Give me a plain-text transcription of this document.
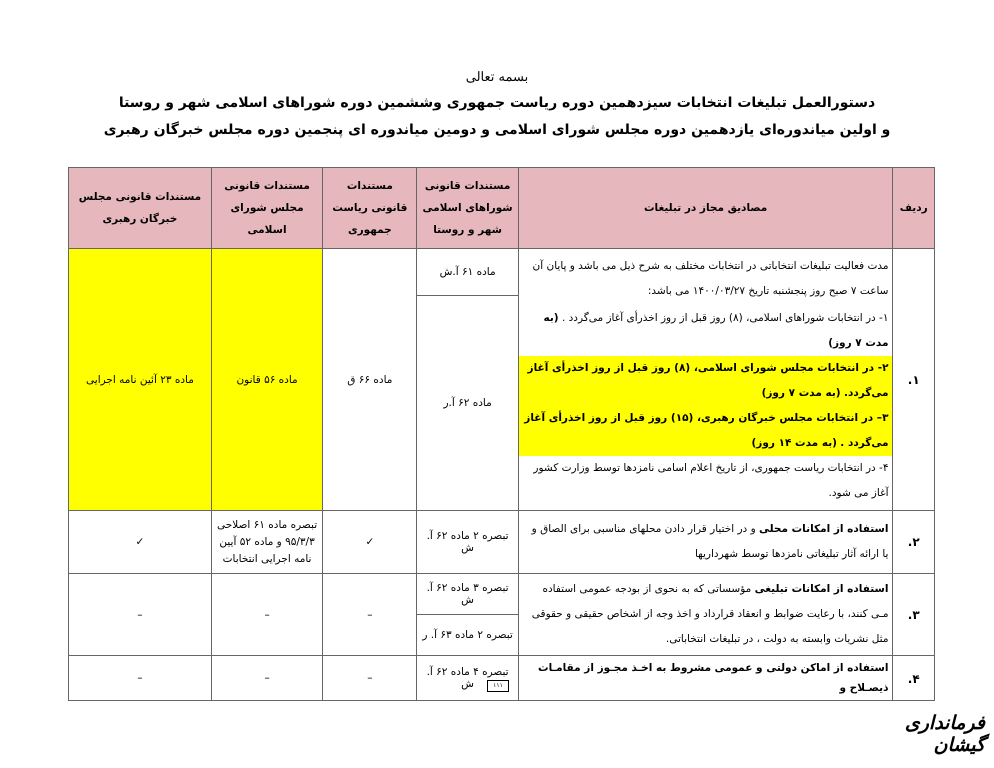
بسمه تعالی
دستورالعمل تبلیغات انتخابات سیزدهمین دوره ریاست جمهوری وششمین دوره شوراهای اسلامی شهر و روستا
و اولین میاندوره‌ای یازدهمین دوره مجلس شورای اسلامی و دومین میاندوره ای پنجمین دوره مجلس خبرگان رهبری
ردیف	مصادیق مجاز در تبلیغات	مستندات قانونی شوراهای اسلامی شهر و روستا	مستندات قانونی ریاست جمهوری	مستندات قانونی مجلس شورای اسلامی	مستندات قانونی مجلس خبرگان رهبری
۱.	مدت فعالیت تبلیغات انتخاباتی در انتخابات مختلف به شرح ذیل می باشد و پایان آن ساعت ۷ صبح روز پنجشنبه تاریخ ۱۴۰۰/۰۳/۲۷ می باشد:
۱- در انتخابات شوراهای اسلامی، (۸) روز قبل از روز اخذرأی آغاز می‌گردد . (به مدت ۷ روز)
۲- در انتخابات مجلس شورای اسلامی، (۸) روز قبل از روز اخذرأی آغاز می‌گردد. (به مدت ۷ روز)
۳– در انتخابات مجلس خبرگان رهبری، (۱۵) روز قبل از روز اخذرأی آغاز می‌گردد . (به مدت ۱۴ روز)
۴- در انتخابات ریاست جمهوری، از تاریخ اعلام اسامی نامزدها توسط وزارت کشور آغاز می شود.	ماده ۶۱ آ.ش	ماده ۶۶ ق	ماده ۵۶ قانون	ماده ۲۳ آئین نامه اجرایی
		ماده ۶۲ آ.ر			
۲.	استفاده از امکانات محلی و در اختیار قرار دادن محلهای مناسبی برای الصاق و یا ارائه آثار تبلیغاتی نامزدها توسط شهرداریها	تبصره ۲ ماده ۶۲ آ. ش	✓	تبصره ماده ۶۱ اصلاحی ۹۵/۳/۳ و ماده ۵۲ آیین نامه اجرایی انتخابات	✓
۳.	استفاده از امکانات تبلیغی مؤسساتی که به نحوی از بودجه عمومی استفاده مـی کنند، با رعایت ضوابط و انعقاد قرارداد و اخذ وجه از اشخاص حقیقی و حقوقی مثل نشریات وابسته به دولت ، در تبلیغات انتخاباتی.	تبصره ۳ ماده ۶۲ آ. ش	–	–	–
		تبصره ۲ ماده ۶۳ آ. ر			
۴.	استفاده از اماکن دولتی و عمومی مشروط به اخـذ مجـوز از مقامـات ذیصـلاح و	تبصره ۴ ماده ۶۲ آ. ش	–	–	–
۱۱۱
فرمانداری گیشان
